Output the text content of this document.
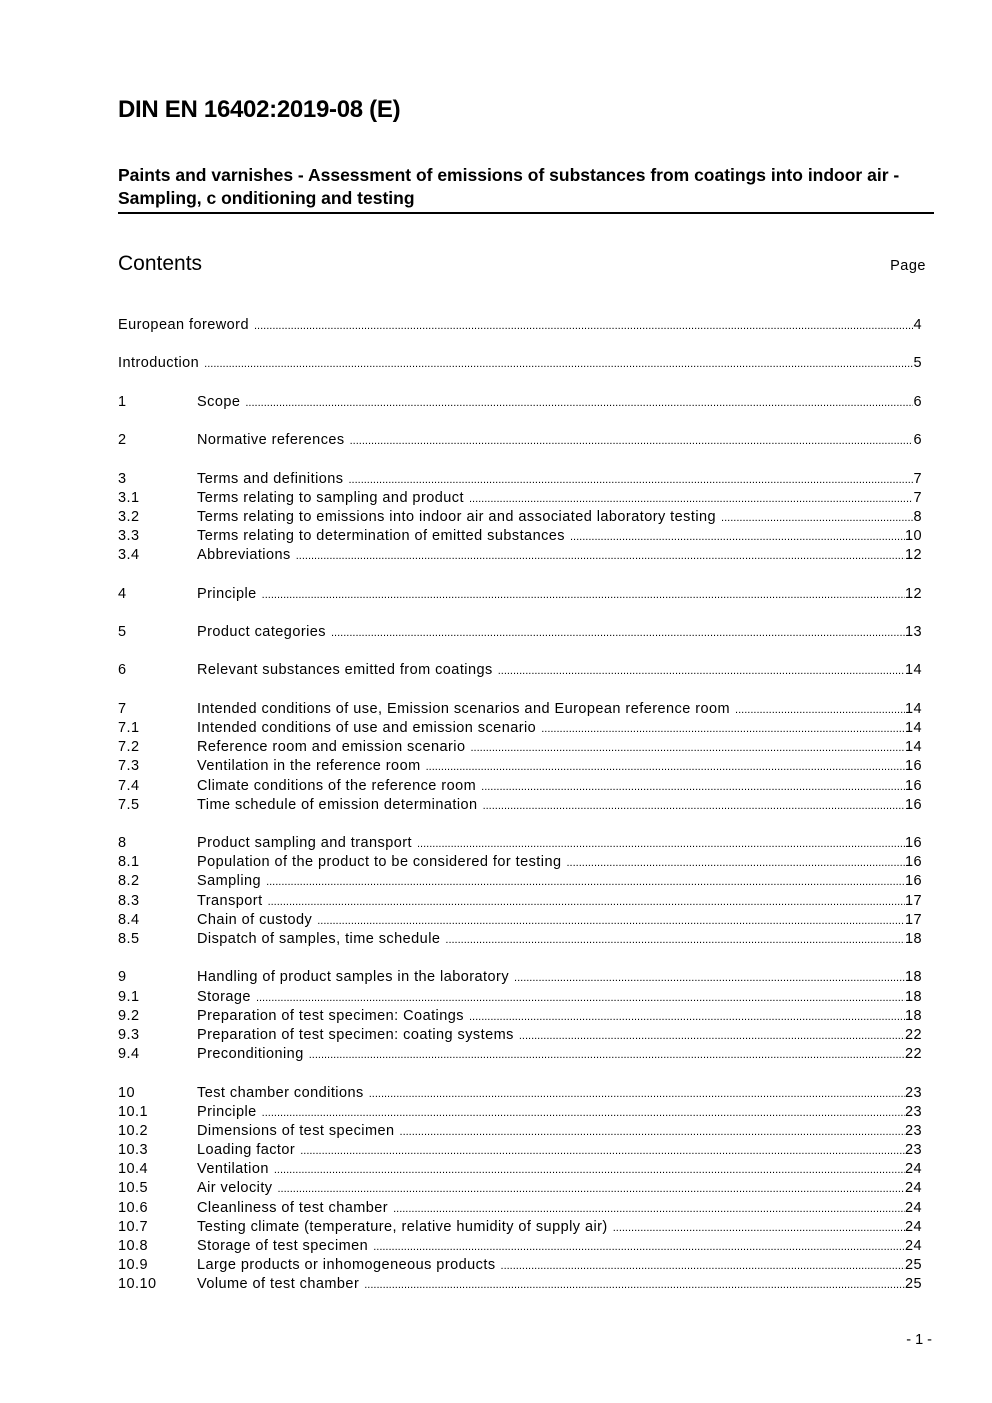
DIN EN 16402:2019-08 (E)
Paints and varnishes - Assessment of emissions of substances from coatings into indoor air - Sampling, c onditioning and testing
Contents	Page
European foreword .....	4
Introduction .....	5
1	Scope .....	6
2	Normative references .....	6
3	Terms and definitions .....	7
3.1	Terms relating to sampling and product .....	7
3.2	Terms relating to emissions into indoor air and associated laboratory testing .....	8
3.3	Terms relating to determination of emitted substances .....	10
3.4	Abbreviations .....	12
4	Principle .....	12
5	Product categories .....	13
6	Relevant substances emitted from coatings .....	14
7	Intended conditions of use, Emission scenarios and European reference room .....	14
7.1	Intended conditions of use and emission scenario .....	14
7.2	Reference room and emission scenario .....	14
7.3	Ventilation in the reference room .....	16
7.4	Climate conditions of the reference room .....	16
7.5	Time schedule of emission determination .....	16
8	Product sampling and transport .....	16
8.1	Population of the product to be considered for testing .....	16
8.2	Sampling .....	16
8.3	Transport .....	17
8.4	Chain of custody .....	17
8.5	Dispatch of samples, time schedule .....	18
9	Handling of product samples in the laboratory .....	18
9.1	Storage .....	18
9.2	Preparation of test specimen: Coatings .....	18
9.3	Preparation of test specimen: coating systems .....	22
9.4	Preconditioning .....	22
10	Test chamber conditions .....	23
10.1	Principle .....	23
10.2	Dimensions of test specimen .....	23
10.3	Loading factor .....	23
10.4	Ventilation .....	24
10.5	Air velocity .....	24
10.6	Cleanliness of test chamber .....	24
10.7	Testing climate (temperature, relative humidity of supply air) .....	24
10.8	Storage of test specimen .....	24
10.9	Large products or inhomogeneous products .....	25
10.10	Volume of test chamber .....	25
- 1 -
